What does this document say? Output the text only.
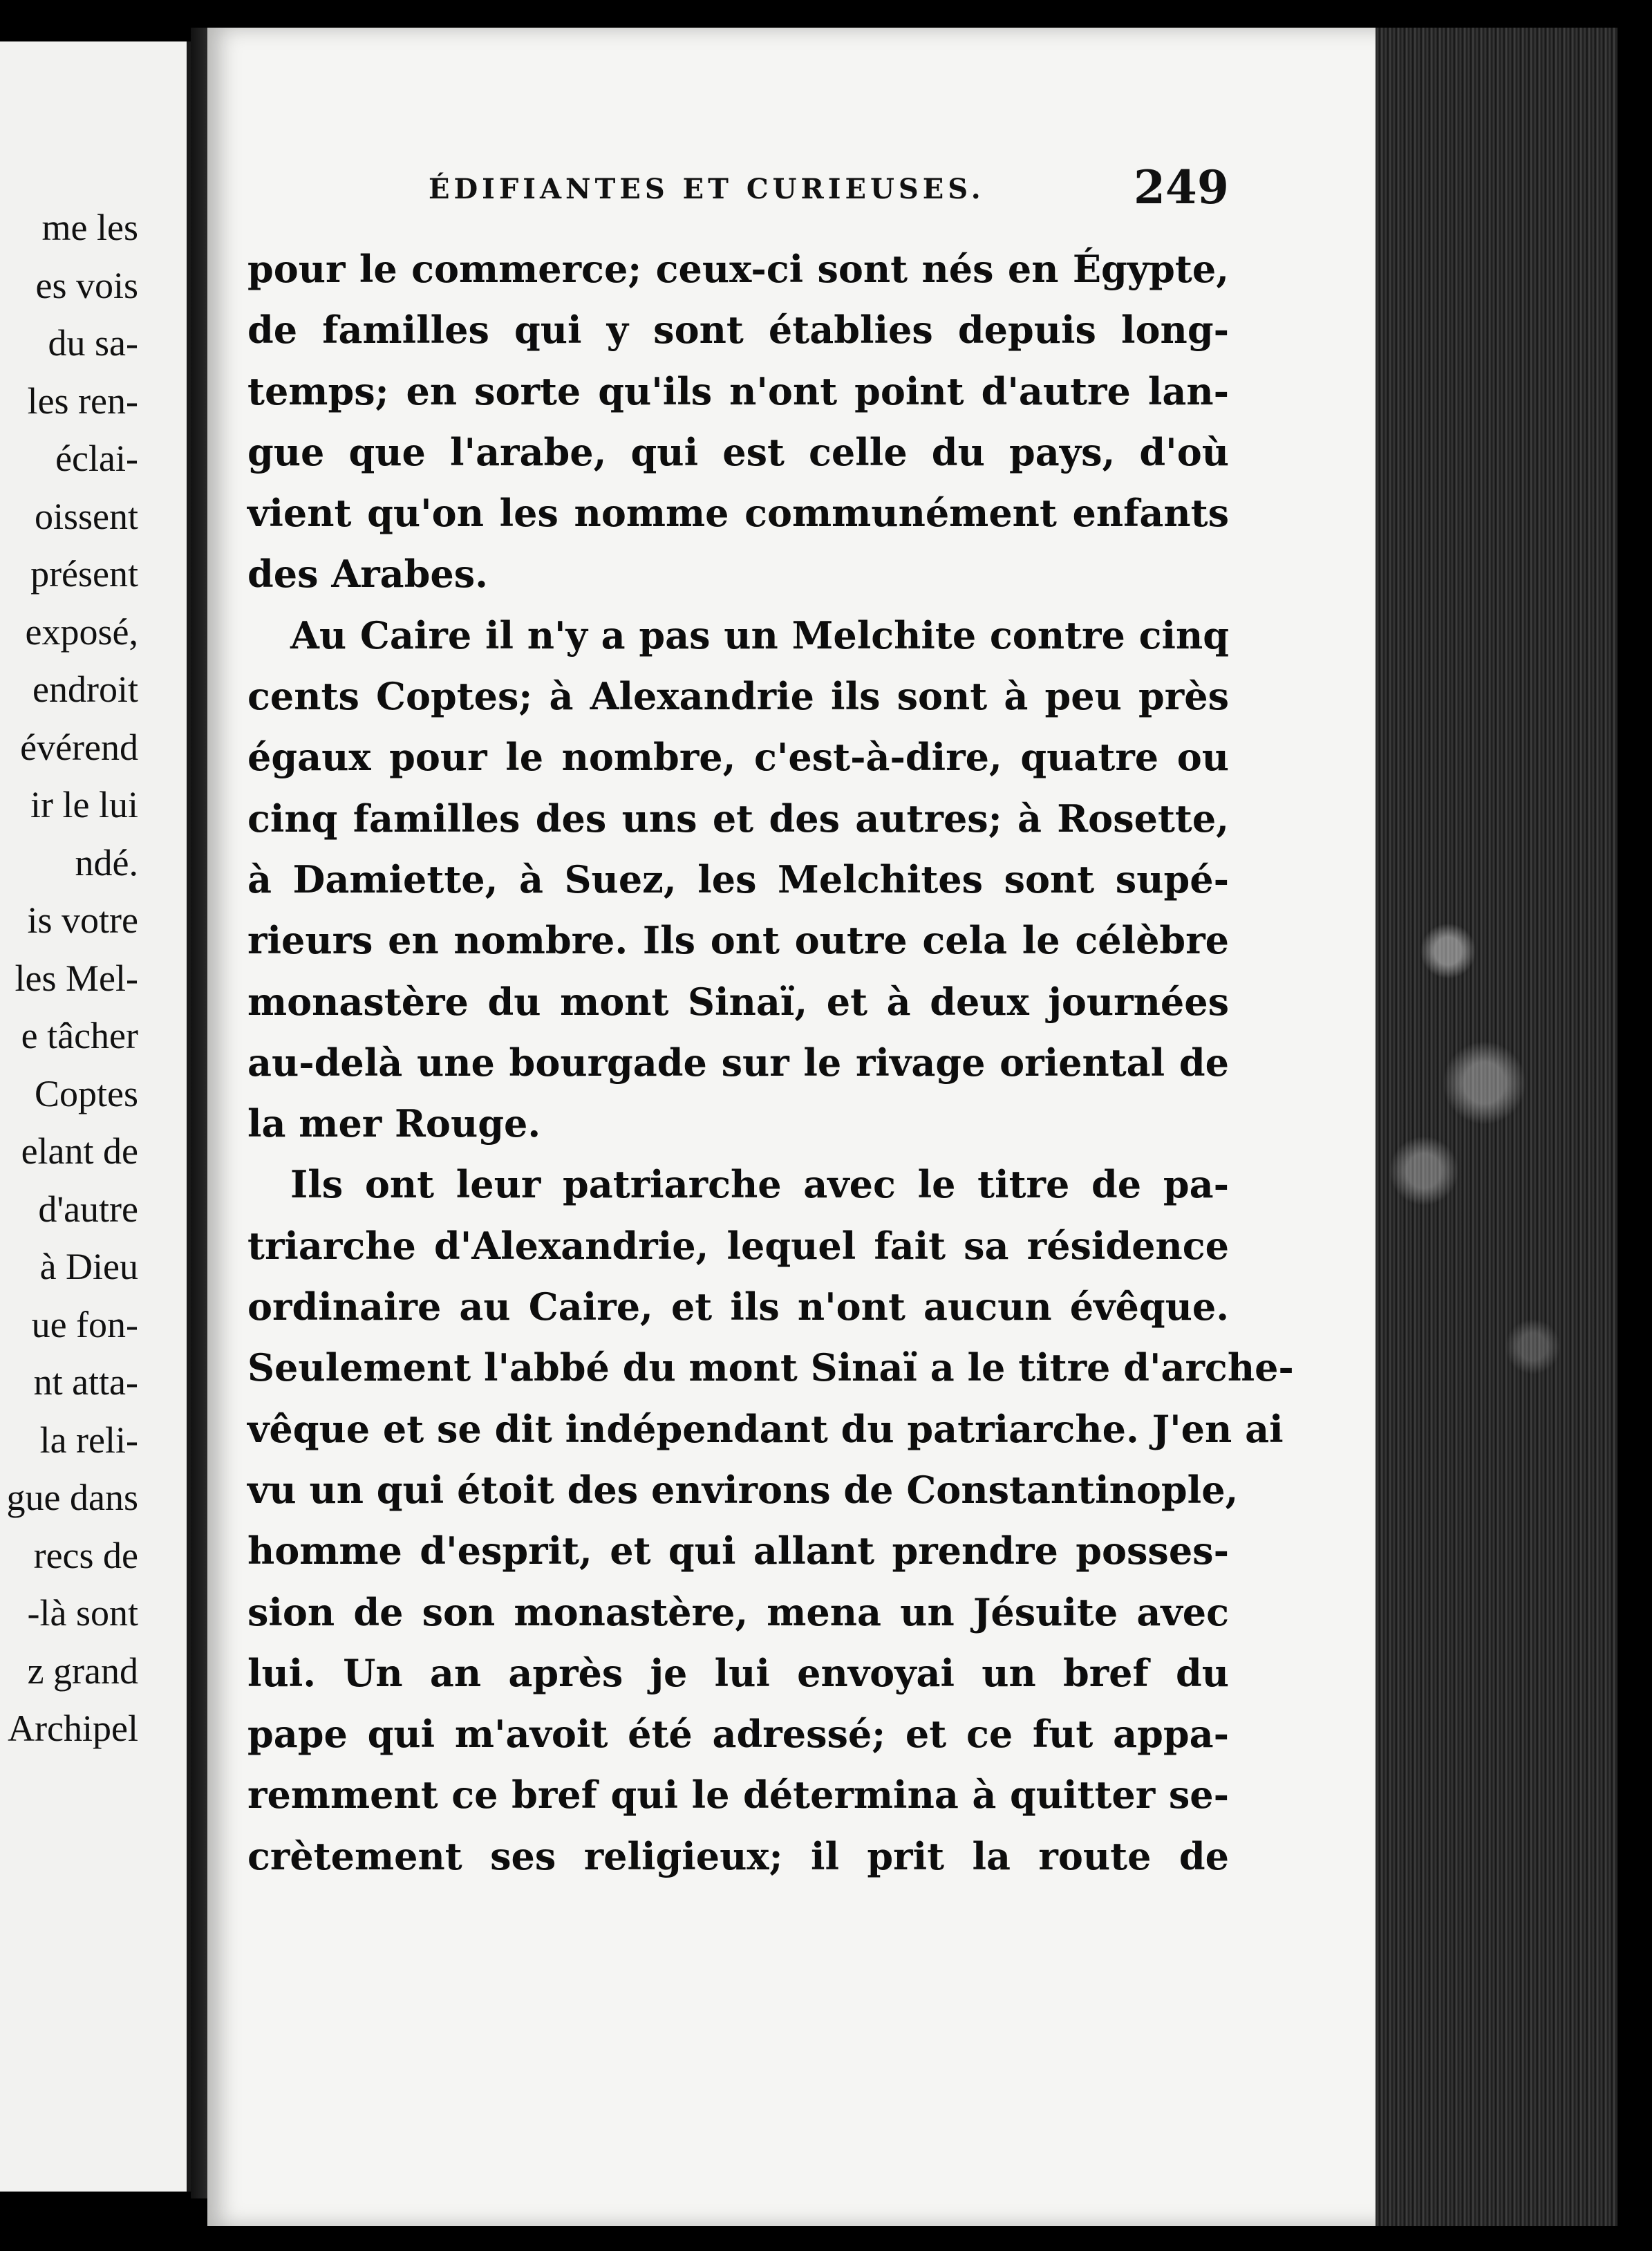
me les
es vois
du sa-
les ren-
éclai-
oissent
présent
exposé,
endroit
évérend
ir le lui
ndé.
is votre
les Mel-
e tâcher
Coptes
elant de
d'autre
à Dieu
ue fon-
nt atta-
la reli-
gue dans
recs de
-là sont
z grand
Archipel
ÉDIFIANTES ET CURIEUSES.	249
pour le commerce; ceux-ci sont nés en Égypte,
de familles qui y sont établies depuis long-
temps; en sorte qu'ils n'ont point d'autre lan-
gue que l'arabe, qui est celle du pays, d'où
vient qu'on les nomme communément enfants
des Arabes.
Au Caire il n'y a pas un Melchite contre cinq
cents Coptes; à Alexandrie ils sont à peu près
égaux pour le nombre, c'est-à-dire, quatre ou
cinq familles des uns et des autres; à Rosette,
à Damiette, à Suez, les Melchites sont supé-
rieurs en nombre. Ils ont outre cela le célèbre
monastère du mont Sinaï, et à deux journées
au-delà une bourgade sur le rivage oriental de
la mer Rouge.
Ils ont leur patriarche avec le titre de pa-
triarche d'Alexandrie, lequel fait sa résidence
ordinaire au Caire, et ils n'ont aucun évêque.
Seulement l'abbé du mont Sinaï a le titre d'arche-
vêque et se dit indépendant du patriarche. J'en ai
vu un qui étoit des environs de Constantinople,
homme d'esprit, et qui allant prendre posses-
sion de son monastère, mena un Jésuite avec
lui. Un an après je lui envoyai un bref du
pape qui m'avoit été adressé; et ce fut appa-
remment ce bref qui le détermina à quitter se-
crètement ses religieux; il prit la route de
